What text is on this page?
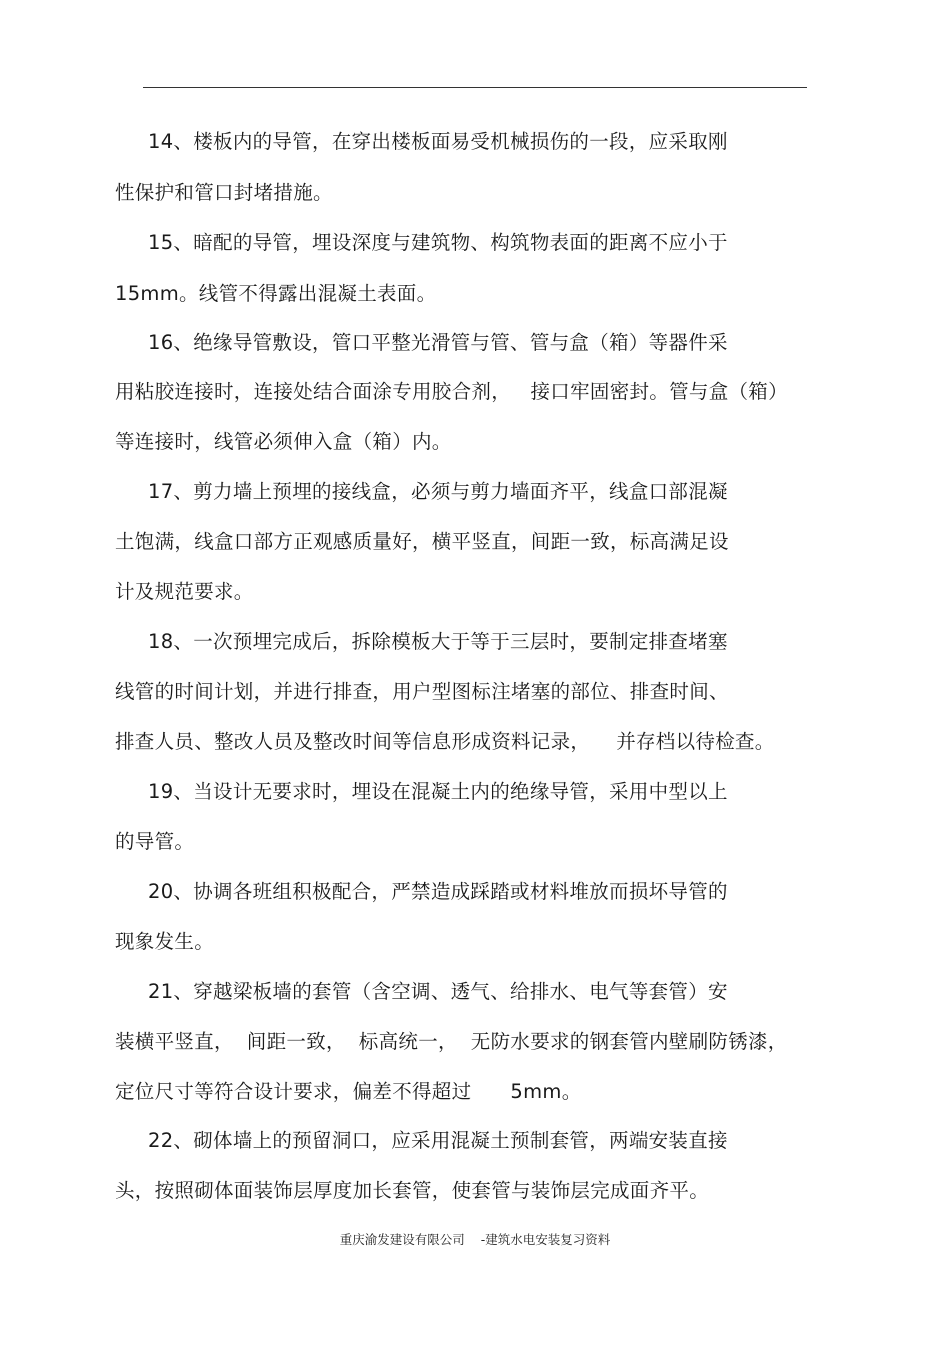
14、楼板内的导管，在穿出楼板面易受机械损伤的一段，应采取刚
性保护和管口封堵措施。
15、暗配的导管，埋设深度与建筑物、构筑物表面的距离不应小于
15mm。线管不得露出混凝土表面。
16、绝缘导管敷设，管口平整光滑管与管、管与盒（箱）等器件采
用粘胶连接时，连接处结合面涂专用胶合剂，   接口牢固密封。管与盒（箱）
等连接时，线管必须伸入盒（箱）内。
17、剪力墙上预埋的接线盒，必须与剪力墙面齐平，线盒口部混凝
土饱满，线盒口部方正观感质量好，横平竖直，间距一致，标高满足设
计及规范要求。
18、一次预埋完成后，拆除模板大于等于三层时，要制定排查堵塞
线管的时间计划，并进行排查，用户型图标注堵塞的部位、排查时间、
排查人员、整改人员及整改时间等信息形成资料记录，    并存档以待检查。
19、当设计无要求时，埋设在混凝土内的绝缘导管，采用中型以上
的导管。
20、协调各班组积极配合，严禁造成踩踏或材料堆放而损坏导管的
现象发生。
21、穿越梁板墙的套管（含空调、透气、给排水、电气等套管）安
装横平竖直，  间距一致，  标高统一，  无防水要求的钢套管内壁刷防锈漆，
定位尺寸等符合设计要求，偏差不得超过      5mm。
22、砌体墙上的预留洞口，应采用混凝土预制套管，两端安装直接
头，按照砌体面装饰层厚度加长套管，使套管与装饰层完成面齐平。
重庆渝发建设有限公司    -建筑水电安装复习资料
